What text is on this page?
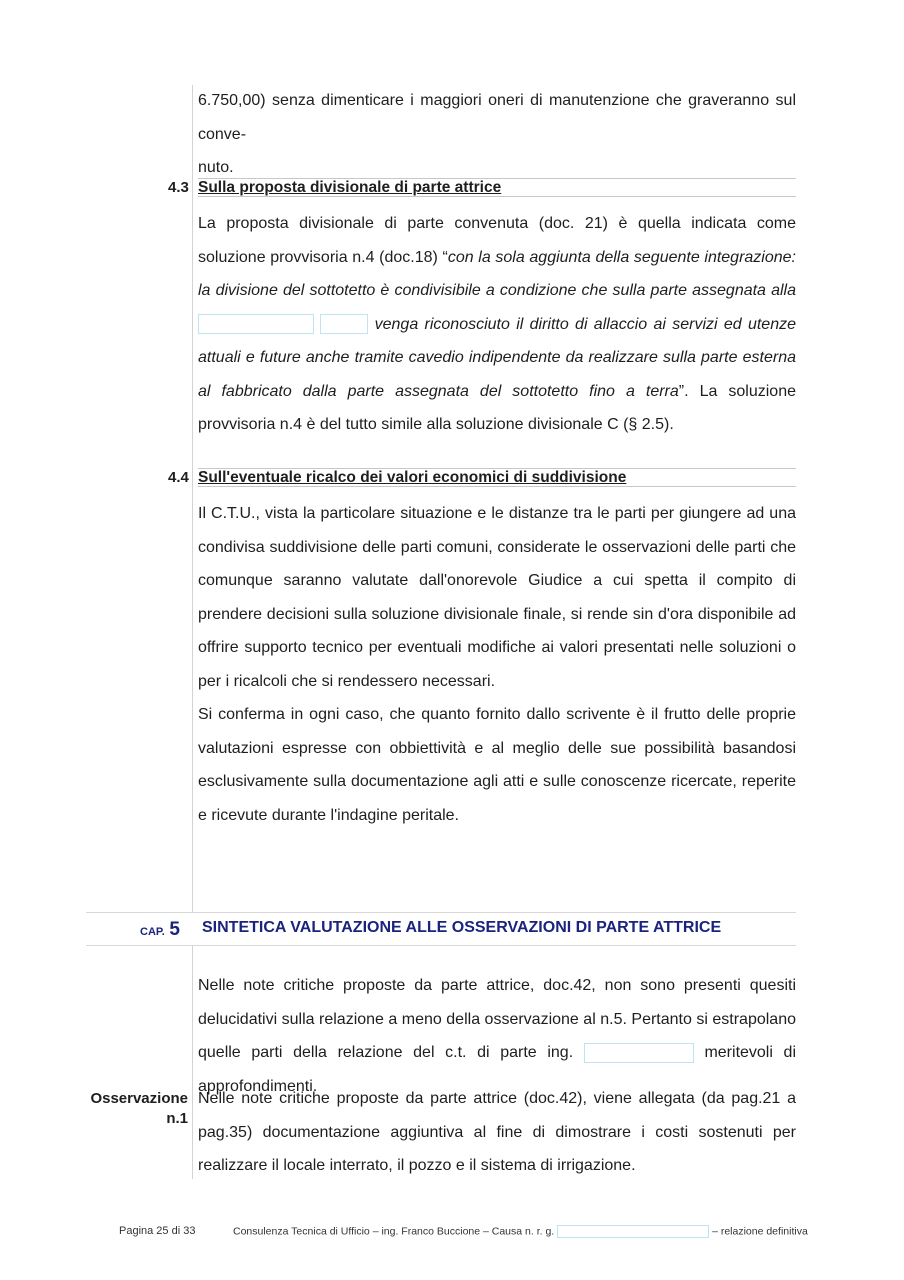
6.750,00) senza dimenticare i maggiori oneri di manutenzione che graveranno sul conve-
nuto.

4.3 Sulla proposta divisionale di parte attrice

La proposta divisionale di parte convenuta (doc. 21) è quella indicata come soluzione provvisoria n.4 (doc.18) “con la sola aggiunta della seguente integrazione: la divisione del sottotetto è condivisibile a condizione che sulla parte assegnata alla   venga riconosciuto il diritto di allaccio ai servizi ed utenze attuali e future anche tramite cavedio indipendente da realizzare sulla parte esterna al fabbricato dalla parte assegnata del sottotetto fino a terra”. La soluzione provvisoria n.4 è del tutto simile alla soluzione divisionale C (§ 2.5).

4.4 Sull'eventuale ricalco dei valori economici di suddivisione

Il C.T.U., vista la particolare situazione e le distanze tra le parti per giungere ad una condivisa suddivisione delle parti comuni, considerate le osservazioni delle parti che comunque saranno valutate dall'onorevole Giudice a cui spetta il compito di prendere decisioni sulla soluzione divisionale finale, si rende sin d'ora disponibile ad offrire supporto tecnico per eventuali modifiche ai valori presentati nelle soluzioni o per i ricalcoli che si rendessero necessari.

Si conferma in ogni caso, che quanto fornito dallo scrivente è il frutto delle proprie valutazioni espresse con obbiettività e al meglio delle sue possibilità basandosi esclusivamente sulla documentazione agli atti e sulle conoscenze ricercate, reperite e ricevute durante l'indagine peritale.

CAP. 5 SINTETICA VALUTAZIONE ALLE OSSERVAZIONI DI PARTE ATTRICE

Nelle note critiche proposte da parte attrice, doc.42, non sono presenti quesiti delucidativi sulla relazione a meno della osservazione al n.5. Pertanto si estrapolano quelle parti della relazione del c.t. di parte ing.	meritevoli di approfondimenti.

Osservazione
n.1

Nelle note critiche proposte da parte attrice (doc.42), viene allegata (da pag.21 a pag.35) documentazione aggiuntiva al fine di dimostrare i costi sostenuti per realizzare il locale interrato, il pozzo e il sistema di irrigazione.

Pagina 25 di 33	Consulenza Tecnica di Ufficio – ing. Franco Buccione – Causa n. r. g.	– relazione definitiva
